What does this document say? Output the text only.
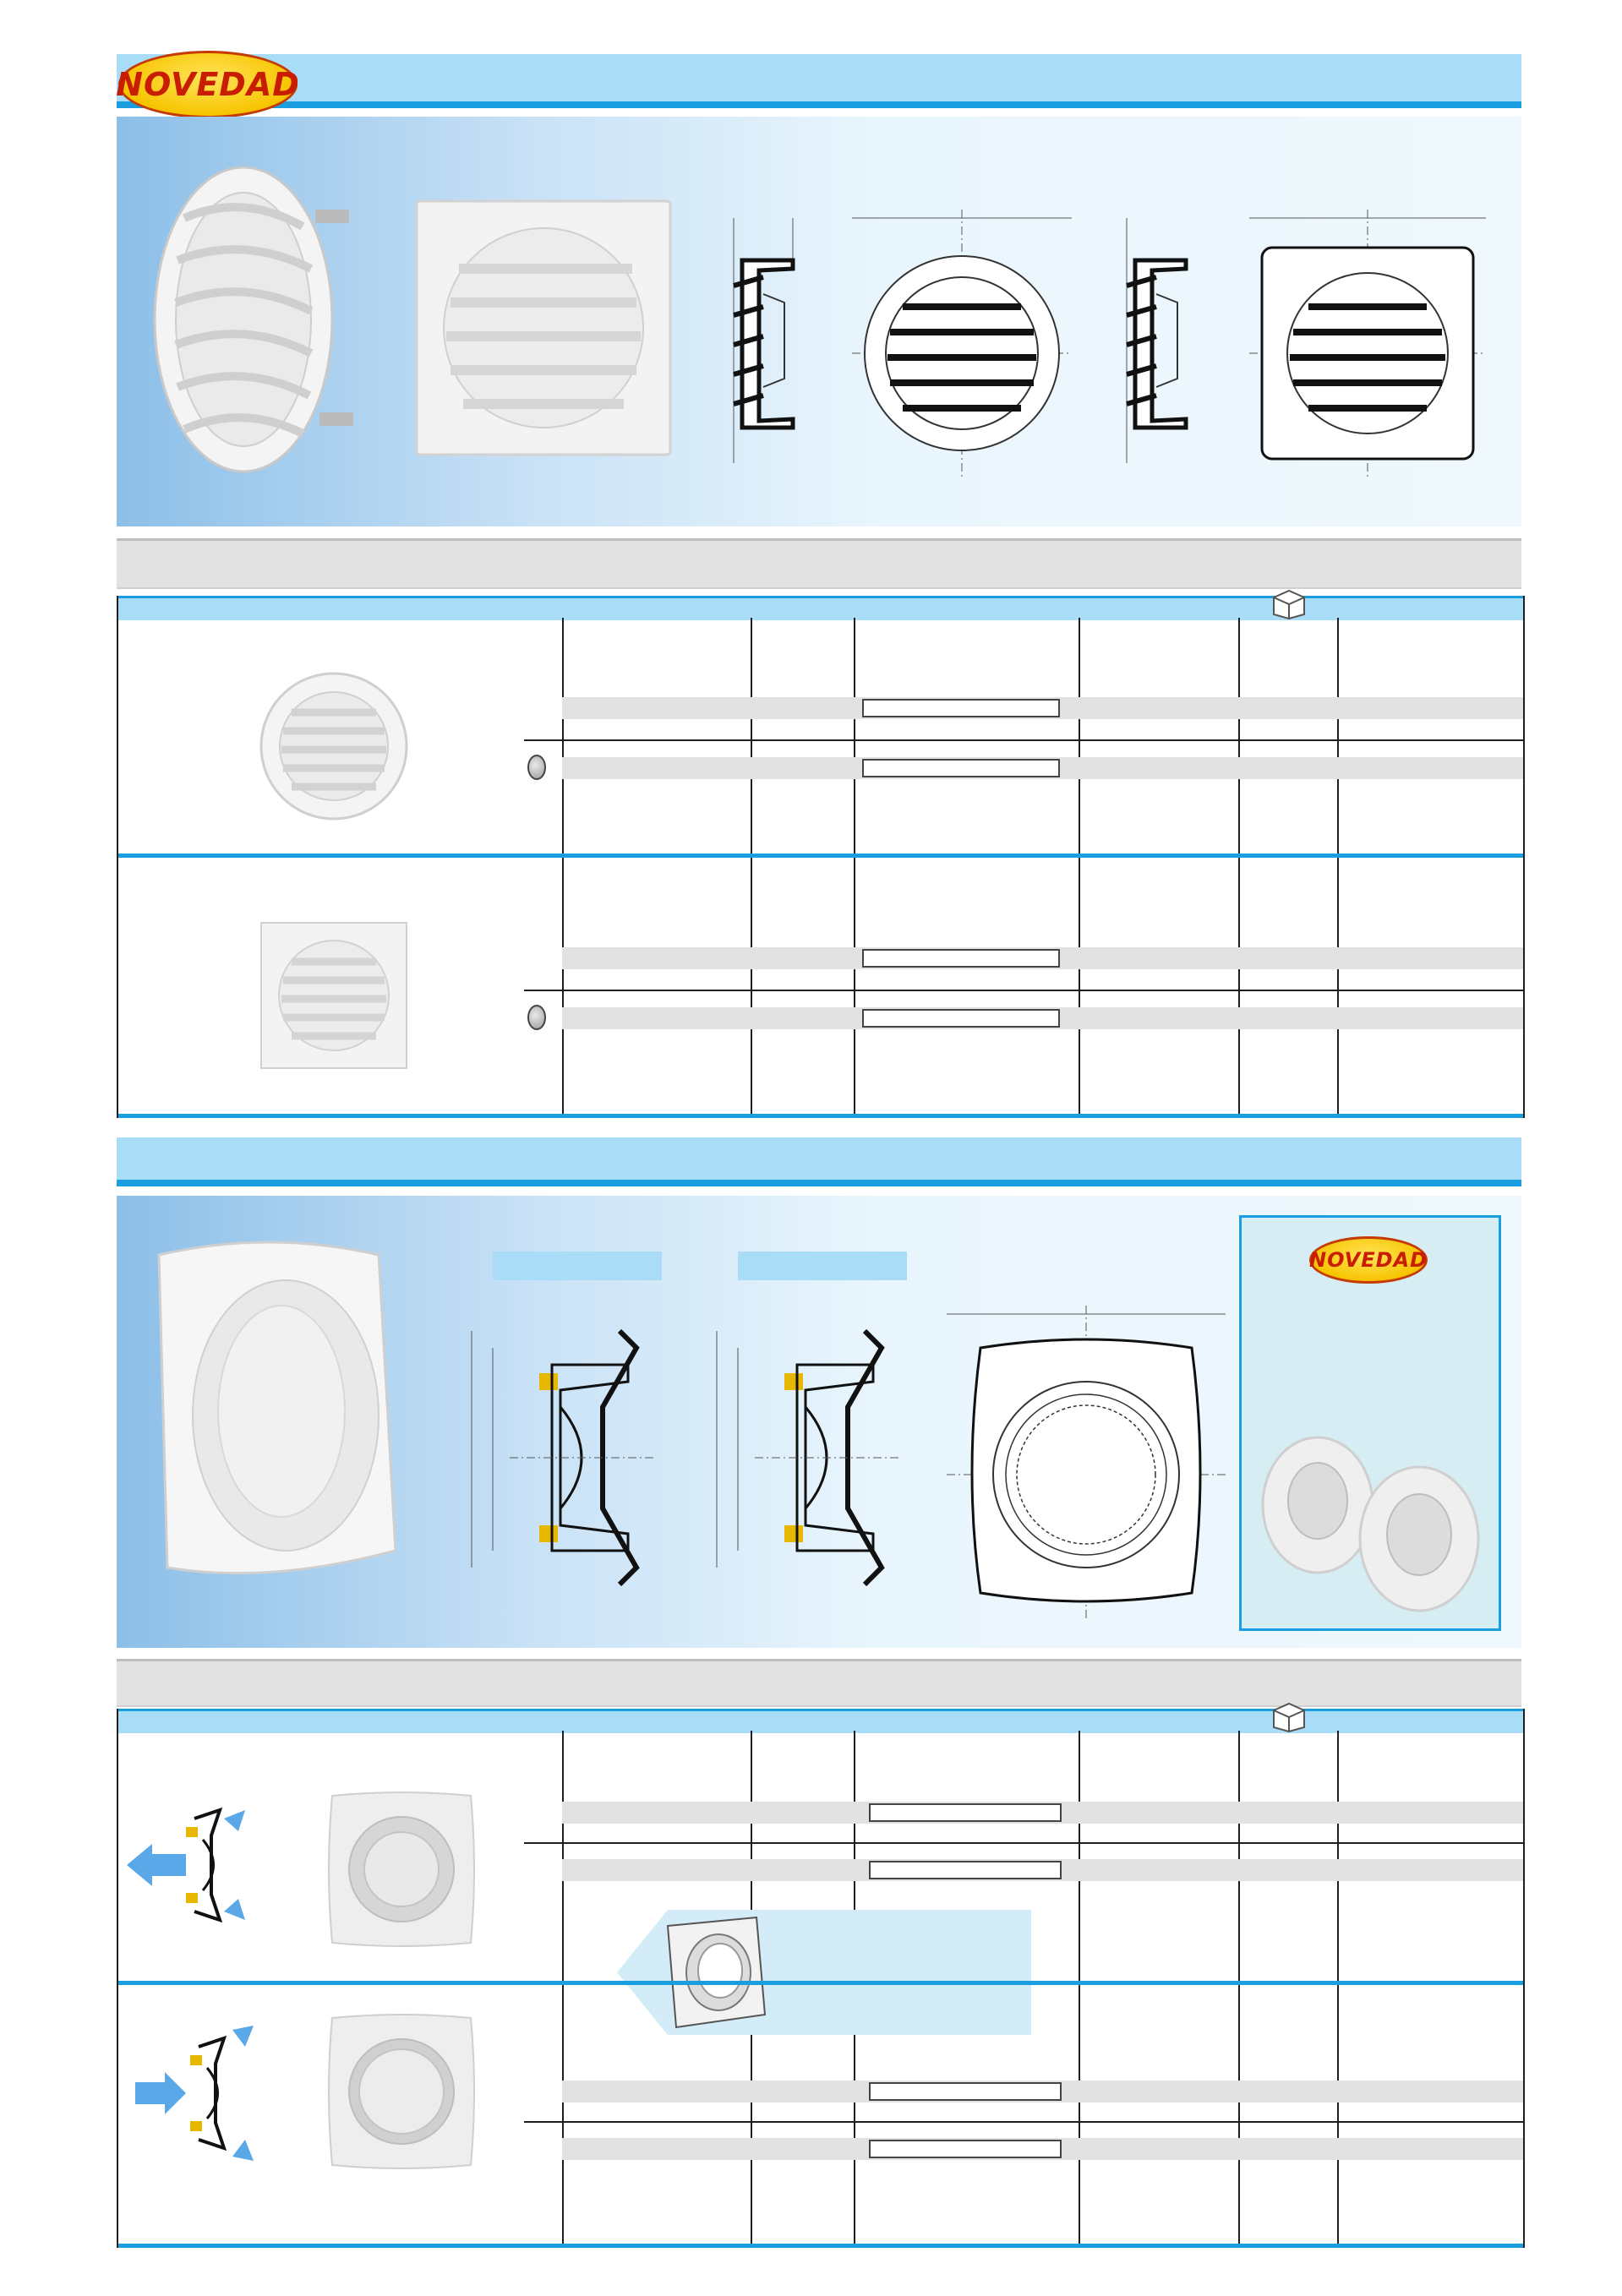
NOVEDAD
NOVEDAD
